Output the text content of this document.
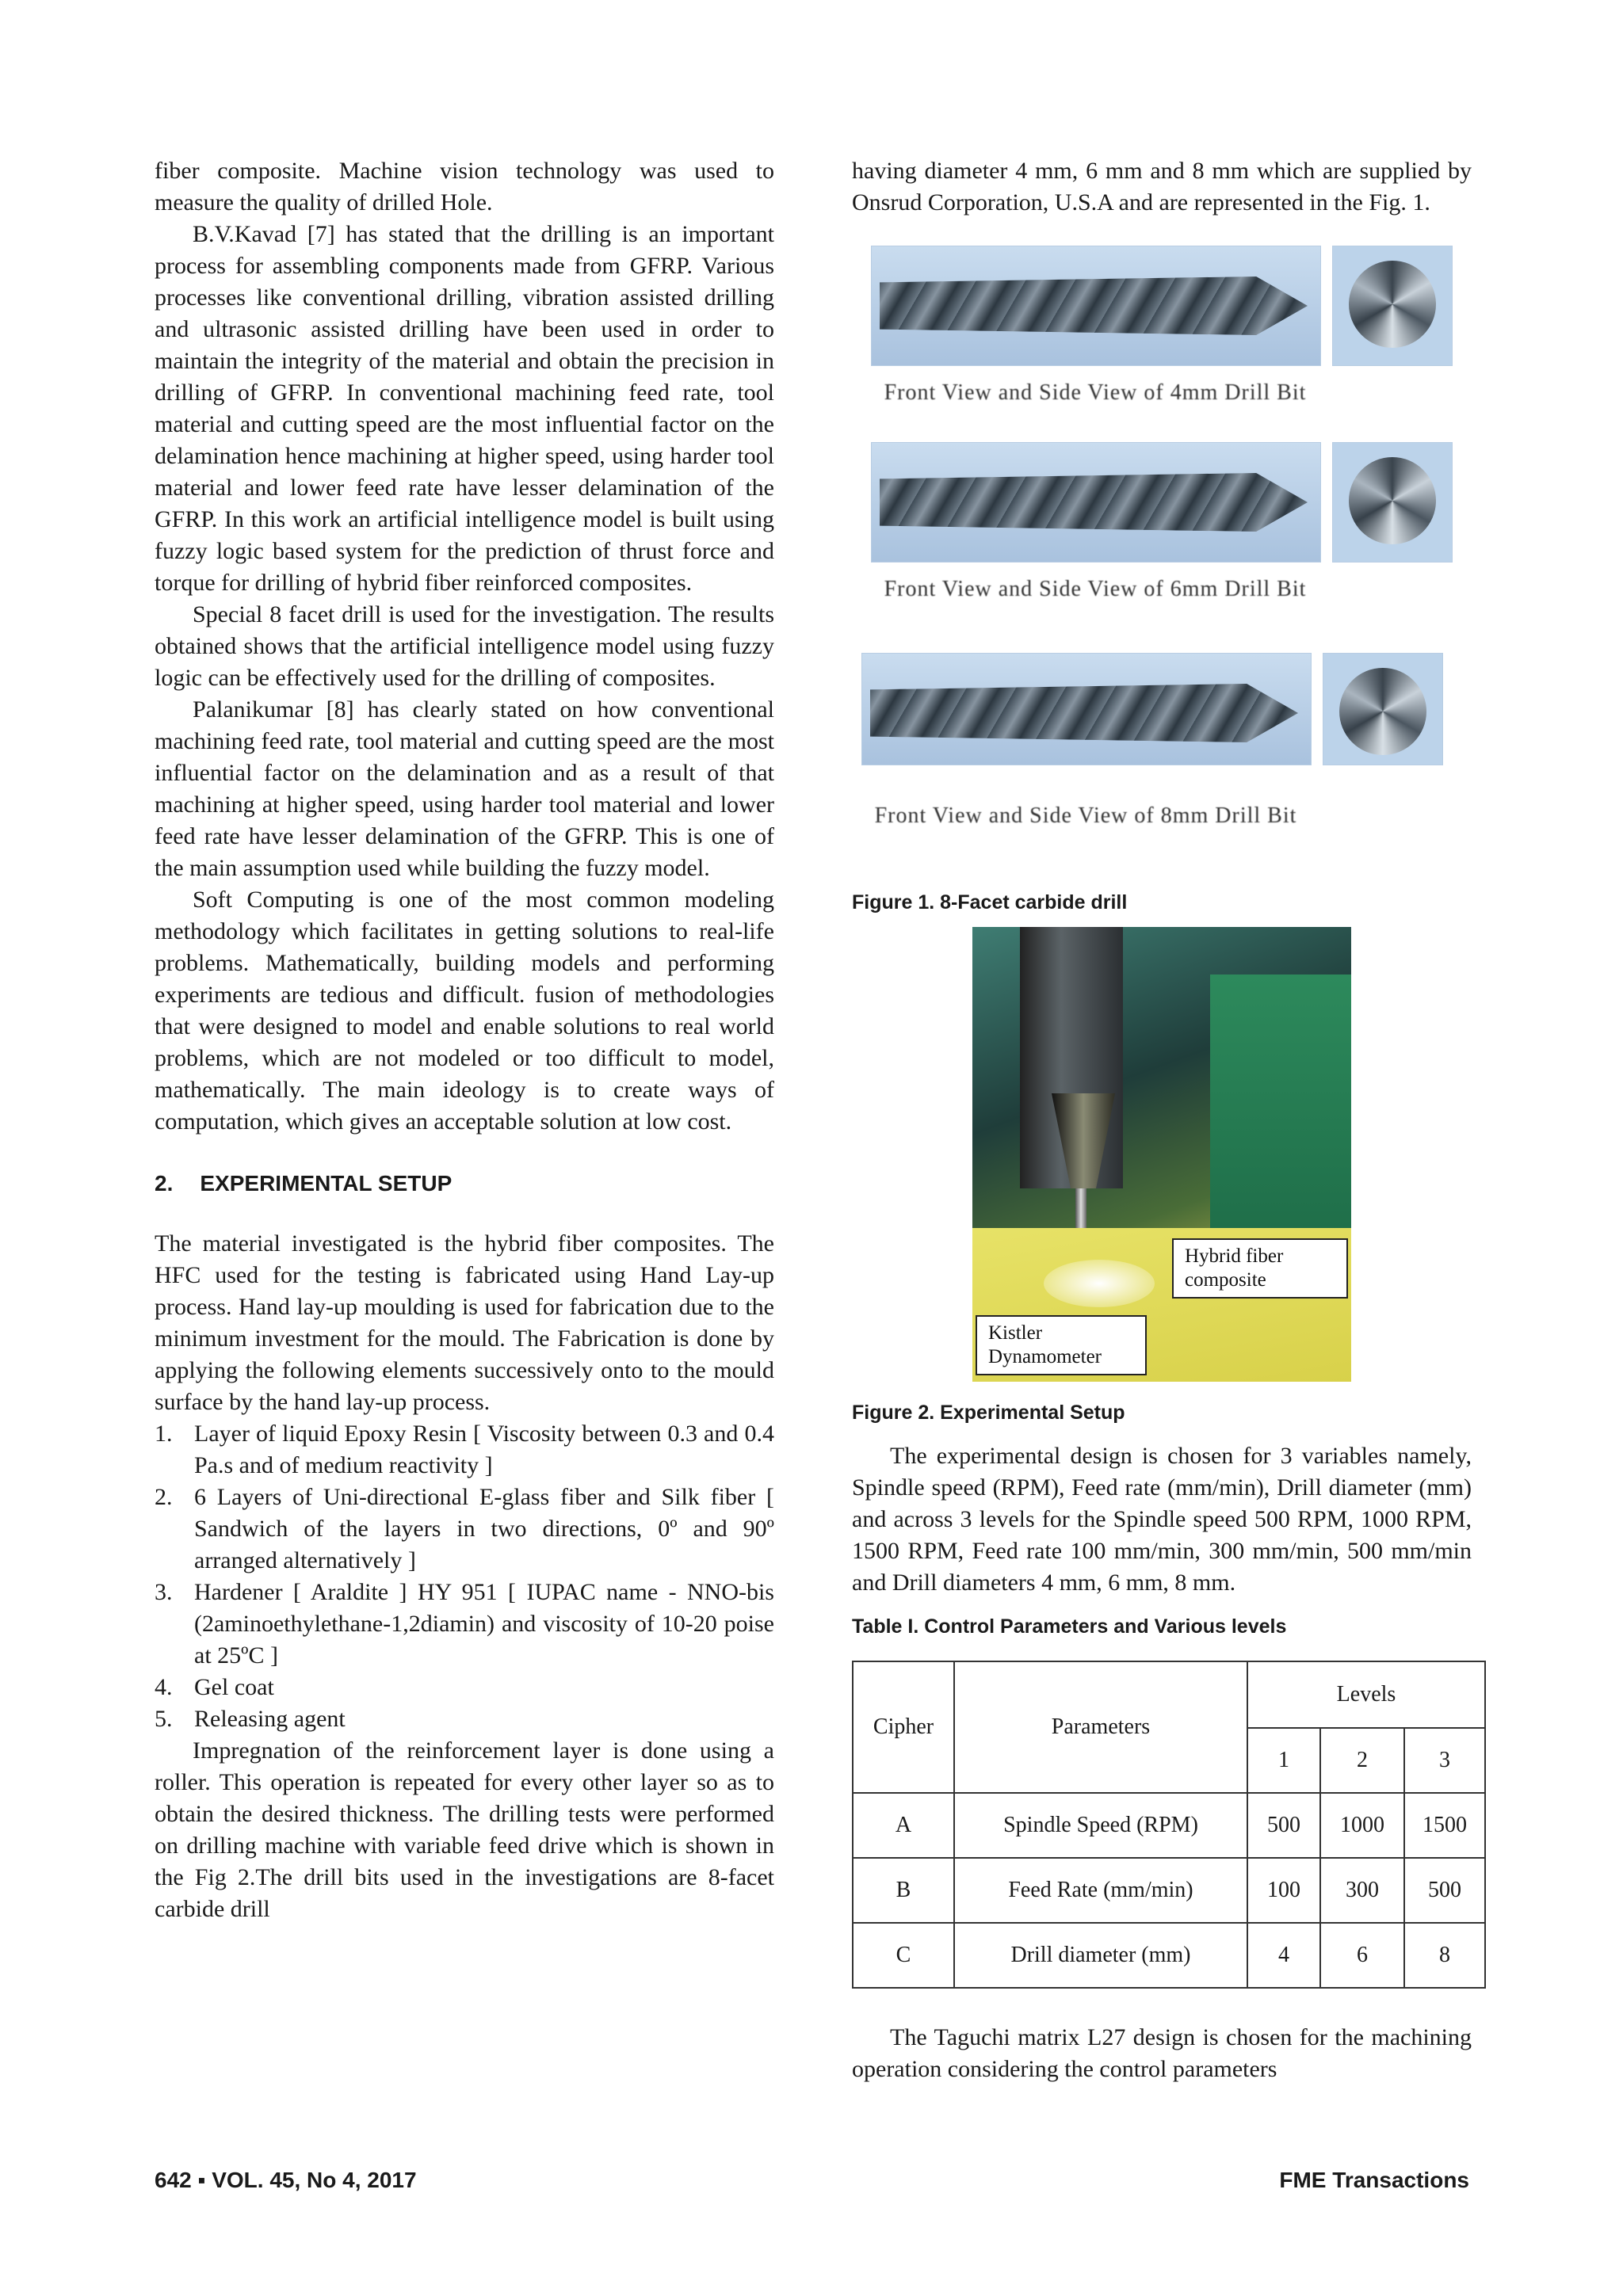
fiber composite. Machine vision technology was used to measure the quality of drilled Hole.

B.V.Kavad [7] has stated that the drilling is an important process for assembling components made from GFRP. Various processes like conventional drilling, vibration assisted drilling and ultrasonic assisted drilling have been used in order to maintain the integrity of the material and obtain the precision in drilling of GFRP. In conventional machining feed rate, tool material and cutting speed are the most influential factor on the delamination hence machining at higher speed, using harder tool material and lower feed rate have lesser delamination of the GFRP. In this work an artificial intelligence model is built using fuzzy logic based system for the prediction of thrust force and torque for drilling of hybrid fiber reinforced composites.

Special 8 facet drill is used for the investigation. The results obtained shows that the artificial intelligence model using fuzzy logic can be effectively used for the drilling of composites.

Palanikumar [8] has clearly stated on how conventional machining feed rate, tool material and cutting speed are the most influential factor on the delamination and as a result of that machining at higher speed, using harder tool material and lower feed rate have lesser delamination of the GFRP. This is one of the main assumption used while building the fuzzy model.

Soft Computing is one of the most common modeling methodology which facilitates in getting solutions to real-life problems. Mathematically, building models and performing experiments are tedious and difficult. fusion of methodologies that were designed to model and enable solutions to real world problems, which are not modeled or too difficult to model, mathematically. The main ideology is to create ways of computation, which gives an acceptable solution at low cost.

2. EXPERIMENTAL SETUP

The material investigated is the hybrid fiber composites. The HFC used for the testing is fabricated using Hand Lay-up process. Hand lay-up moulding is used for fabrication due to the minimum investment for the mould. The Fabrication is done by applying the following elements successively onto to the mould surface by the hand lay-up process.

1. Layer of liquid Epoxy Resin [ Viscosity between 0.3 and 0.4 Pa.s and of medium reactivity ]
2. 6 Layers of Uni-directional E-glass fiber and Silk fiber [ Sandwich of the layers in two directions, 0º and 90º arranged alternatively ]
3. Hardener [ Araldite ] HY 951 [ IUPAC name - NNO-bis (2aminoethylethane-1,2diamin) and viscosity of 10-20 poise at 25ºC ]
4. Gel coat
5. Releasing agent

Impregnation of the reinforcement layer is done using a roller. This operation is repeated for every other layer so as to obtain the desired thickness. The drilling tests were performed on drilling machine with variable feed drive which is shown in the Fig 2.The drill bits used in the investigations are 8-facet carbide drill

having diameter 4 mm, 6 mm and 8 mm which are supplied by Onsrud Corporation, U.S.A and are represented in the Fig. 1.

Front View and Side View of 4mm Drill Bit
Front View and Side View of 6mm Drill Bit
Front View and Side View of 8mm Drill Bit
Figure 1. 8-Facet carbide drill
Hybrid fiber composite
Kistler Dynamometer
Figure 2. Experimental Setup

The experimental design is chosen for 3 variables namely, Spindle speed (RPM), Feed rate (mm/min), Drill diameter (mm) and across 3 levels for the Spindle speed 500 RPM, 1000 RPM, 1500 RPM, Feed rate 100 mm/min, 300 mm/min, 500 mm/min and Drill diameters 4 mm, 6 mm, 8 mm.

Table I. Control Parameters and Various levels
Cipher	Parameters	Levels		
		1	2	3
A	Spindle Speed (RPM)	500	1000	1500
B	Feed Rate (mm/min)	100	300	500
C	Drill diameter (mm)	4	6	8

The Taguchi matrix L27 design is chosen for the machining operation considering the control parameters

642 ▪ VOL. 45, No 4, 2017	FME Transactions
